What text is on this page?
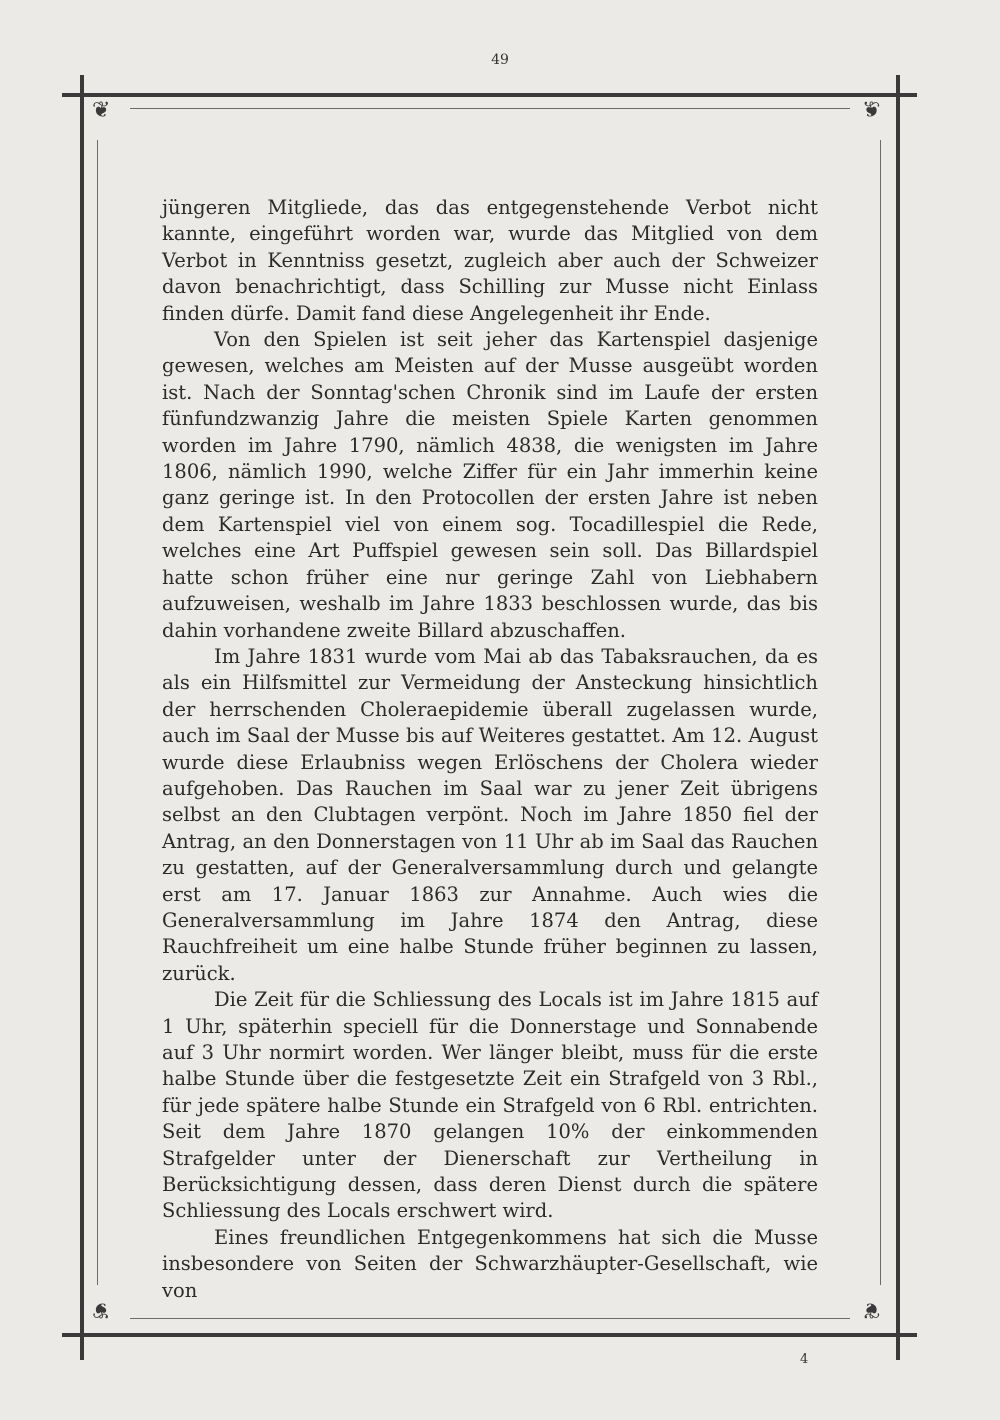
49
❦	❦
❦	❦

jüngeren Mitgliede, das das entgegenstehende Verbot nicht kannte, eingeführt worden war, wurde das Mitglied von dem Verbot in Kenntniss gesetzt, zugleich aber auch der Schweizer davon benachrichtigt, dass Schilling zur Musse nicht Einlass finden dürfe. Damit fand diese Angelegenheit ihr Ende.

Von den Spielen ist seit jeher das Kartenspiel dasjenige gewesen, welches am Meisten auf der Musse ausgeübt worden ist. Nach der Sonntag'schen Chronik sind im Laufe der ersten fünfundzwanzig Jahre die meisten Spiele Karten genommen worden im Jahre 1790, nämlich 4838, die wenigsten im Jahre 1806, nämlich 1990, welche Ziffer für ein Jahr immerhin keine ganz geringe ist. In den Protocollen der ersten Jahre ist neben dem Kartenspiel viel von einem sog. Tocadillespiel die Rede, welches eine Art Puffspiel gewesen sein soll. Das Billardspiel hatte schon früher eine nur geringe Zahl von Liebhabern aufzuweisen, weshalb im Jahre 1833 beschlossen wurde, das bis dahin vorhandene zweite Billard abzuschaffen.

Im Jahre 1831 wurde vom Mai ab das Tabaksrauchen, da es als ein Hilfsmittel zur Vermeidung der Ansteckung hinsichtlich der herrschenden Choleraepidemie überall zugelassen wurde, auch im Saal der Musse bis auf Weiteres gestattet. Am 12. August wurde diese Erlaubniss wegen Erlöschens der Cholera wieder aufgehoben. Das Rauchen im Saal war zu jener Zeit übrigens selbst an den Clubtagen verpönt. Noch im Jahre 1850 fiel der Antrag, an den Donnerstagen von 11 Uhr ab im Saal das Rauchen zu gestatten, auf der Generalversammlung durch und gelangte erst am 17. Januar 1863 zur Annahme. Auch wies die Generalversammlung im Jahre 1874 den Antrag, diese Rauchfreiheit um eine halbe Stunde früher beginnen zu lassen, zurück.

Die Zeit für die Schliessung des Locals ist im Jahre 1815 auf 1 Uhr, späterhin speciell für die Donnerstage und Sonnabende auf 3 Uhr normirt worden. Wer länger bleibt, muss für die erste halbe Stunde über die festgesetzte Zeit ein Strafgeld von 3 Rbl., für jede spätere halbe Stunde ein Strafgeld von 6 Rbl. entrichten. Seit dem Jahre 1870 gelangen 10% der einkommenden Strafgelder unter der Dienerschaft zur Vertheilung in Berücksichtigung dessen, dass deren Dienst durch die spätere Schliessung des Locals erschwert wird.

Eines freundlichen Entgegenkommens hat sich die Musse insbesondere von Seiten der Schwarzhäupter-Gesellschaft, wie von

4
